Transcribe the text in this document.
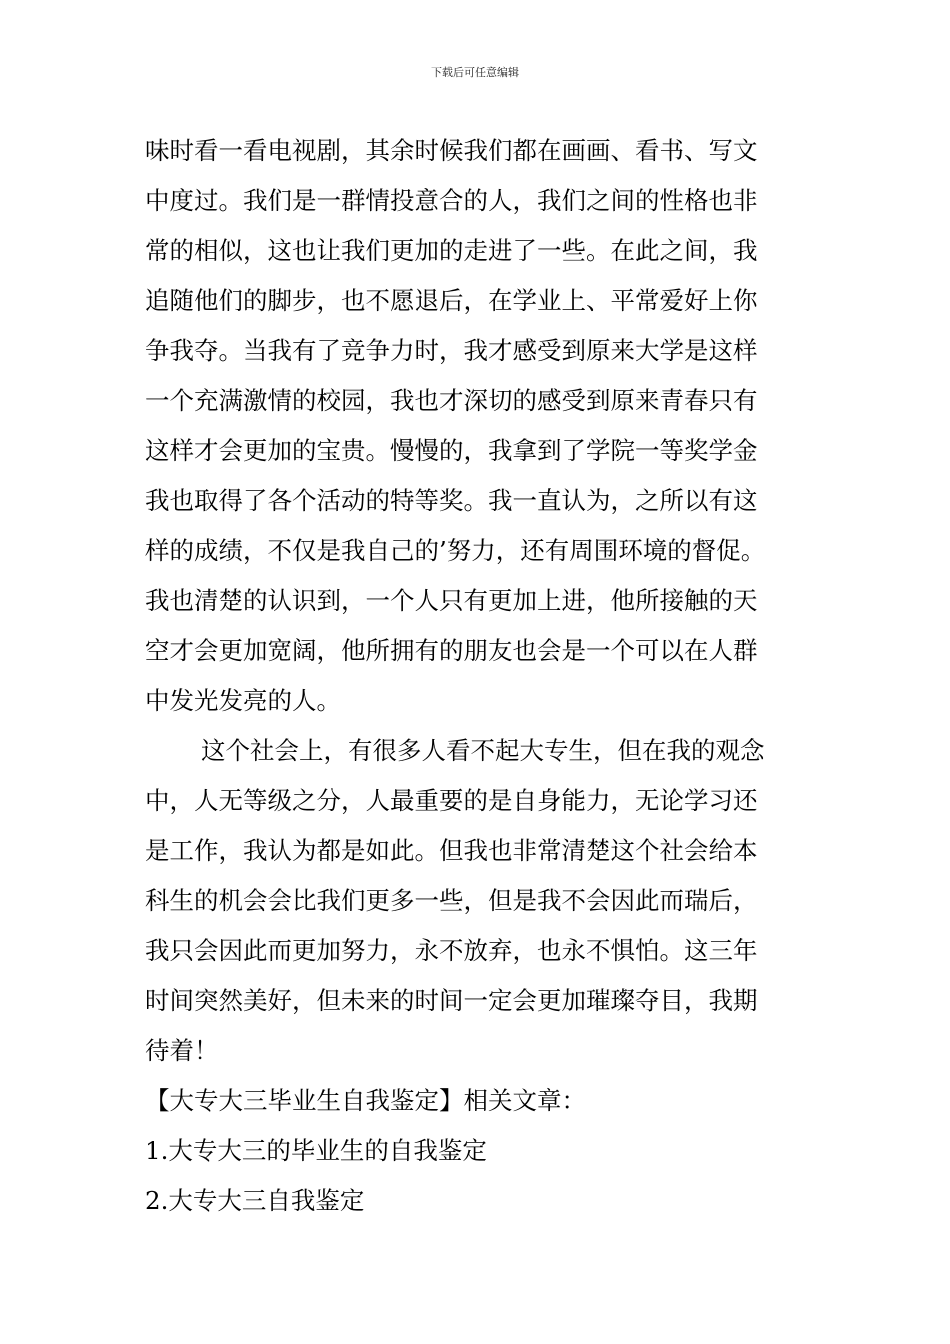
下载后可任意编辑
味时看一看电视剧，其余时候我们都在画画、看书、写文
中度过。我们是一群情投意合的人，我们之间的性格也非
常的相似，这也让我们更加的走进了一些。在此之间，我
追随他们的脚步，也不愿退后，在学业上、平常爱好上你
争我夺。当我有了竞争力时，我才感受到原来大学是这样
一个充满激情的校园，我也才深切的感受到原来青春只有
这样才会更加的宝贵。慢慢的，我拿到了学院一等奖学金
我也取得了各个活动的特等奖。我一直认为，之所以有这
样的成绩，不仅是我自己的’努力，还有周围环境的督促。
我也清楚的认识到，一个人只有更加上进，他所接触的天
空才会更加宽阔，他所拥有的朋友也会是一个可以在人群
中发光发亮的人。
这个社会上，有很多人看不起大专生，但在我的观念
中，人无等级之分，人最重要的是自身能力，无论学习还
是工作，我认为都是如此。但我也非常清楚这个社会给本
科生的机会会比我们更多一些，但是我不会因此而瑞后，
我只会因此而更加努力，永不放弃，也永不惧怕。这三年
时间突然美好，但未来的时间一定会更加璀璨夺目，我期
待着！
【大专大三毕业生自我鉴定】相关文章：
1.大专大三的毕业生的自我鉴定
2.大专大三自我鉴定
